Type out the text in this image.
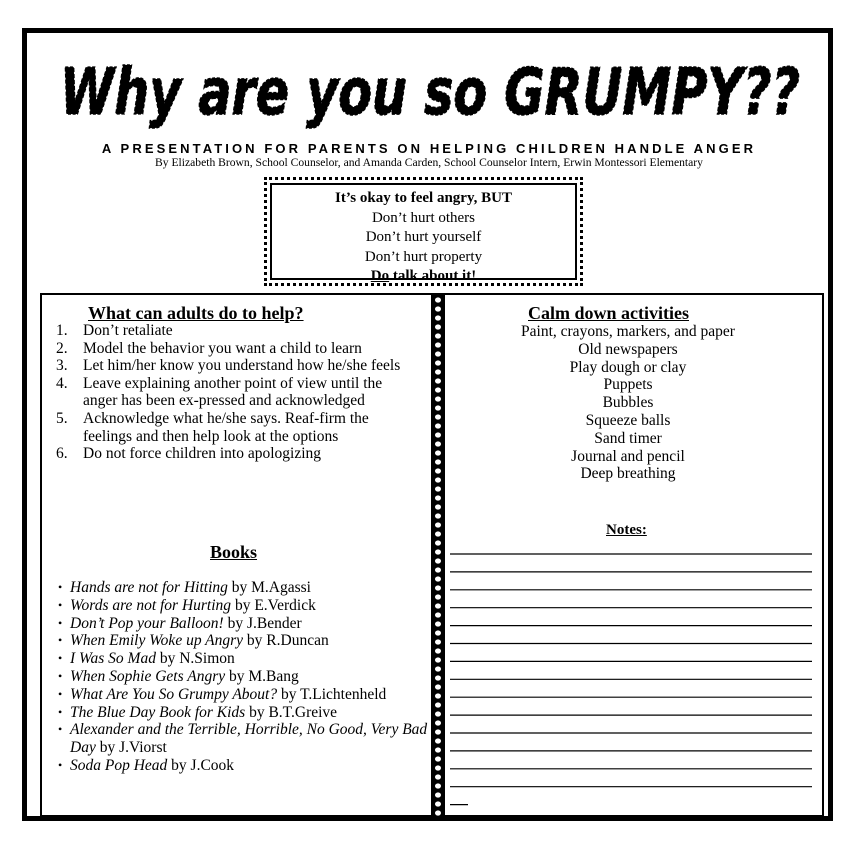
Why are you so GRUMPY??
A PRESENTATION FOR PARENTS ON HELPING CHILDREN HANDLE ANGER
By Elizabeth Brown, School Counselor, and Amanda Carden, School Counselor Intern, Erwin Montessori Elementary
It’s okay to feel angry, BUT
Don’t hurt others
Don’t hurt yourself
Don’t hurt property
Do talk about it!
What can adults do to help?
1. Don’t retaliate
2. Model the behavior you want a child to learn
3. Let him/her know you understand how he/she feels
4. Leave explaining another point of view until the anger has been ex-pressed and acknowledged
5. Acknowledge what he/she says. Reaf-firm the feelings and then help look at the options
6. Do not force children into apologizing
Books
• Hands are not for Hitting by M.Agassi
• Words are not for Hurting by E.Verdick
• Don’t Pop your Balloon! by J.Bender
• When Emily Woke up Angry by R.Duncan
• I Was So Mad by N.Simon
• When Sophie Gets Angry by M.Bang
• What Are You So Grumpy About? by T.Lichtenheld
• The Blue Day Book for Kids by B.T.Greive
• Alexander and the Terrible, Horrible, No Good, Very Bad Day by J.Viorst
• Soda Pop Head by J.Cook
Calm down activities
Paint, crayons, markers, and paper
Old newspapers
Play dough or clay
Puppets
Bubbles
Squeeze balls
Sand timer
Journal and pencil
Deep breathing
Notes:
